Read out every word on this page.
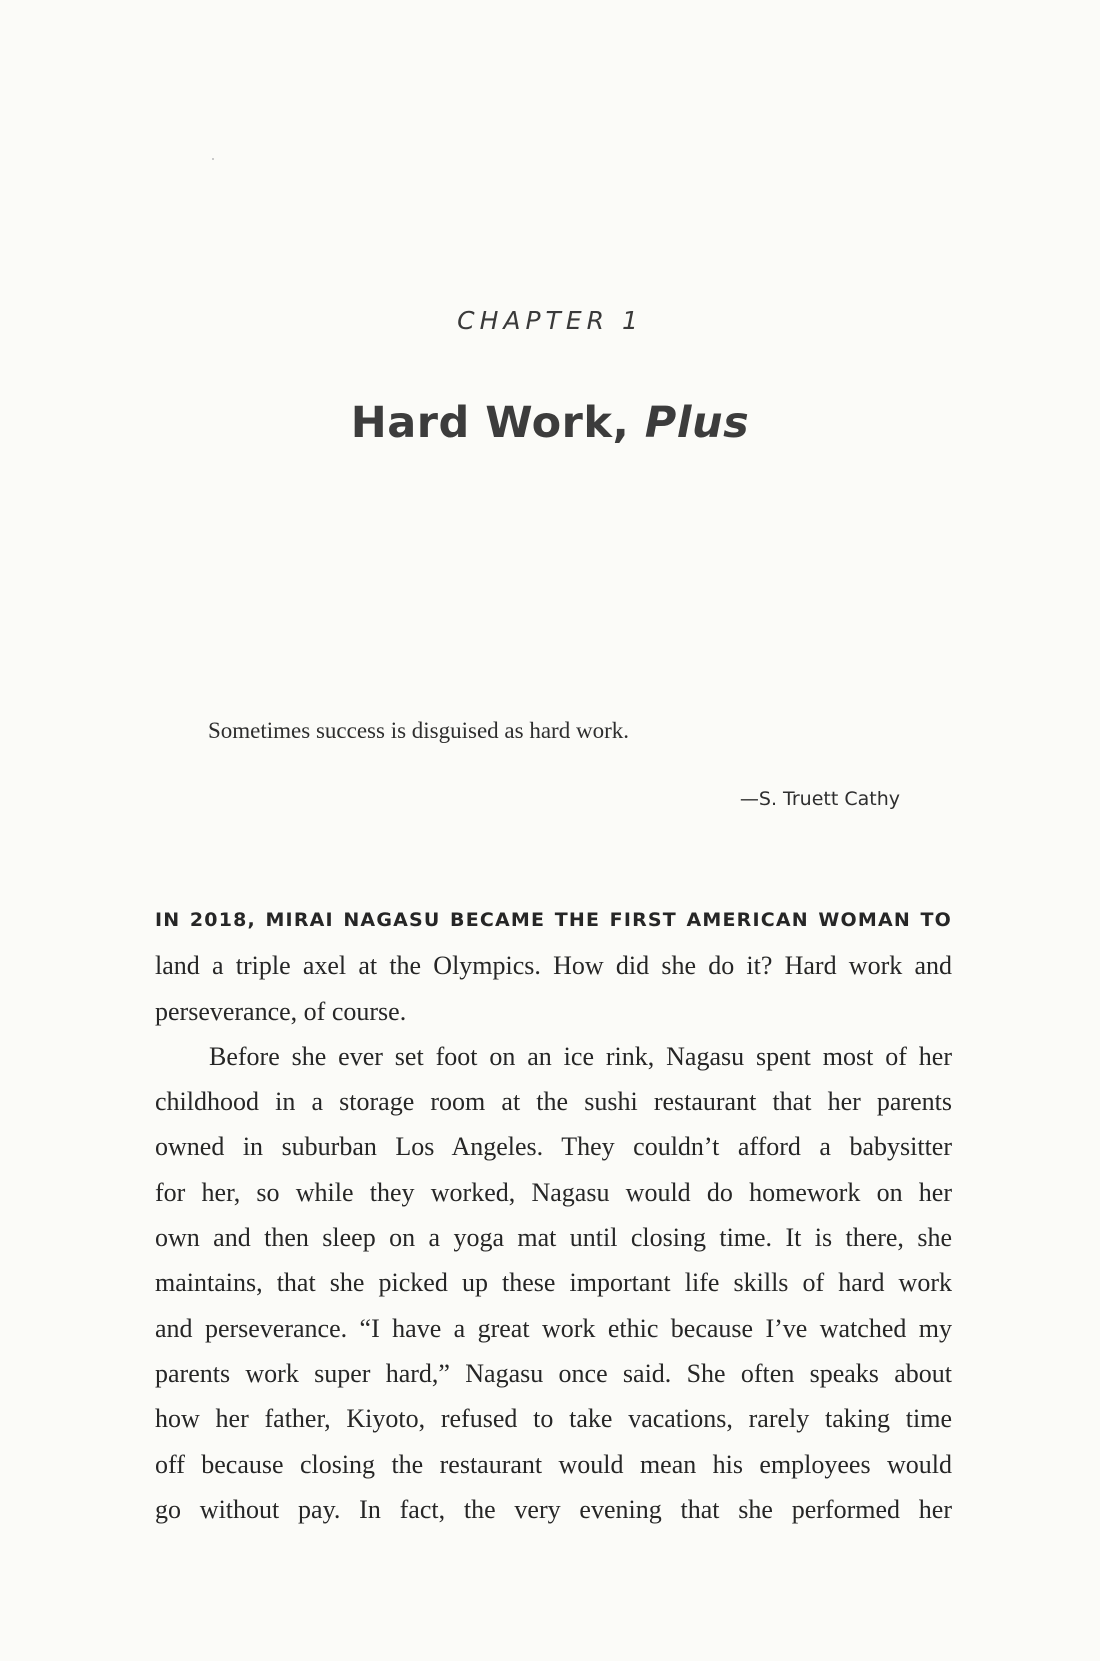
CHAPTER 1
Hard Work, Plus
Sometimes success is disguised as hard work.
—S. Truett Cathy
IN 2018, MIRAI NAGASU BECAME THE FIRST AMERICAN WOMAN TO
land a triple axel at the Olympics. How did she do it? Hard work and
perseverance, of course.
Before she ever set foot on an ice rink, Nagasu spent most of her
childhood in a storage room at the sushi restaurant that her parents
owned in suburban Los Angeles. They couldn’t afford a babysitter
for her, so while they worked, Nagasu would do homework on her
own and then sleep on a yoga mat until closing time. It is there, she
maintains, that she picked up these important life skills of hard work
and perseverance. “I have a great work ethic because I’ve watched my
parents work super hard,” Nagasu once said. She often speaks about
how her father, Kiyoto, refused to take vacations, rarely taking time
off because closing the restaurant would mean his employees would
go without pay. In fact, the very evening that she performed her
